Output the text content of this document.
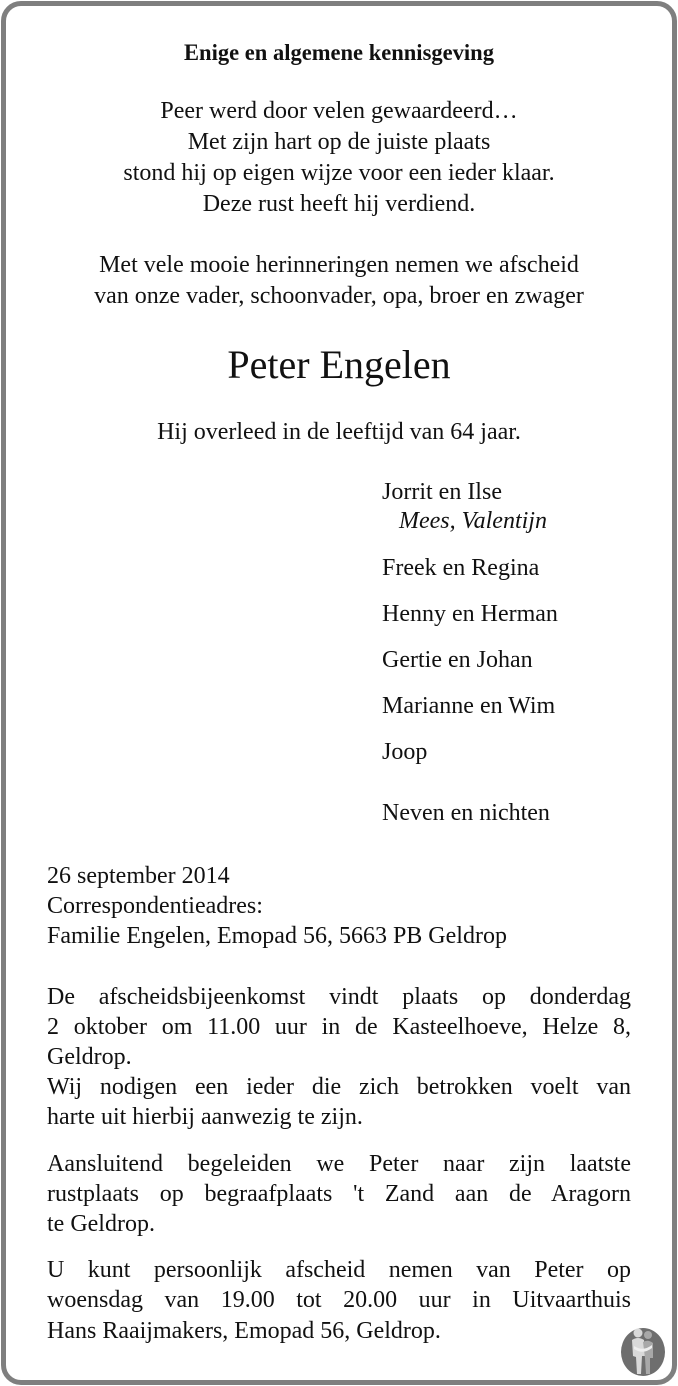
Enige en algemene kennisgeving
Peer werd door velen gewaardeerd…
Met zijn hart op de juiste plaats
stond hij op eigen wijze voor een ieder klaar.
Deze rust heeft hij verdiend.
Met vele mooie herinneringen nemen we afscheid
van onze vader, schoonvader, opa, broer en zwager
Peter Engelen
Hij overleed in de leeftijd van 64 jaar.
Jorrit en Ilse
Mees, Valentijn
Freek en Regina
Henny en Herman
Gertie en Johan
Marianne en Wim
Joop
Neven en nichten
26 september 2014
Correspondentieadres:
Familie Engelen, Emopad 56, 5663 PB Geldrop
De afscheidsbijeenkomst vindt plaats op donderdag
2 oktober om 11.00 uur in de Kasteelhoeve, Helze 8,
Geldrop.
Wij nodigen een ieder die zich betrokken voelt van
harte uit hierbij aanwezig te zijn.
Aansluitend begeleiden we Peter naar zijn laatste
rustplaats op begraafplaats 't Zand aan de Aragorn
te Geldrop.
U kunt persoonlijk afscheid nemen van Peter op
woensdag van 19.00 tot 20.00 uur in Uitvaarthuis
Hans Raaijmakers, Emopad 56, Geldrop.
